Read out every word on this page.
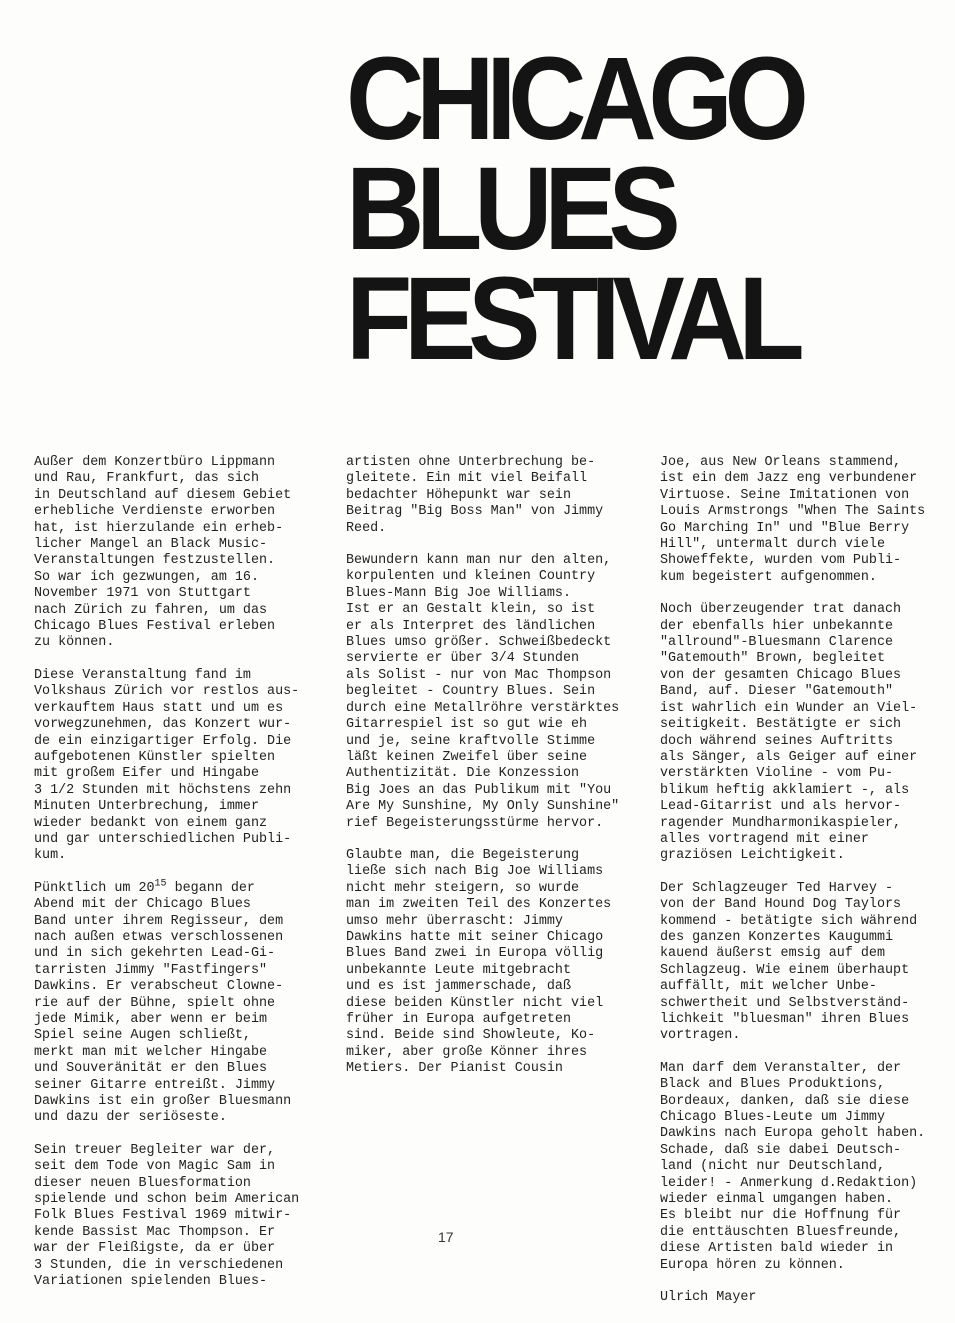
CHICAGO
BLUES
FESTIVAL

Außer dem Konzertbüro Lippmann
und Rau, Frankfurt, das sich
in Deutschland auf diesem Gebiet
erhebliche Verdienste erworben
hat, ist hierzulande ein erheb-
licher Mangel an Black Music-
Veranstaltungen festzustellen.
So war ich gezwungen, am 16.
November 1971 von Stuttgart
nach Zürich zu fahren, um das
Chicago Blues Festival erleben
zu können.

Diese Veranstaltung fand im
Volkshaus Zürich vor restlos aus-
verkauftem Haus statt und um es
vorwegzunehmen, das Konzert wur-
de ein einzigartiger Erfolg. Die
aufgebotenen Künstler spielten
mit großem Eifer und Hingabe
3 1/2 Stunden mit höchstens zehn
Minuten Unterbrechung, immer
wieder bedankt von einem ganz
und gar unterschiedlichen Publi-
kum.

Pünktlich um $20^{15}$ begann der
Abend mit der Chicago Blues
Band unter ihrem Regisseur, dem
nach außen etwas verschlossenen
und in sich gekehrten Lead-Gi-
tarristen Jimmy "Fastfingers"
Dawkins. Er verabscheut Clowne-
rie auf der Bühne, spielt ohne
jede Mimik, aber wenn er beim
Spiel seine Augen schließt,
merkt man mit welcher Hingabe
und Souveränität er den Blues
seiner Gitarre entreißt. Jimmy
Dawkins ist ein großer Bluesmann
und dazu der seriöseste.

Sein treuer Begleiter war der,
seit dem Tode von Magic Sam in
dieser neuen Bluesformation
spielende und schon beim American
Folk Blues Festival 1969 mitwir-
kende Bassist Mac Thompson. Er
war der Fleißigste, da er über
3 Stunden, die in verschiedenen
Variationen spielenden Blues-

artisten ohne Unterbrechung be-
gleitete. Ein mit viel Beifall
bedachter Höhepunkt war sein
Beitrag "Big Boss Man" von Jimmy
Reed.

Bewundern kann man nur den alten,
korpulenten und kleinen Country
Blues-Mann Big Joe Williams.
Ist er an Gestalt klein, so ist
er als Interpret des ländlichen
Blues umso größer. Schweißbedeckt
servierte er über 3/4 Stunden
als Solist - nur von Mac Thompson
begleitet - Country Blues. Sein
durch eine Metallröhre verstärktes
Gitarrespiel ist so gut wie eh
und je, seine kraftvolle Stimme
läßt keinen Zweifel über seine
Authentizität. Die Konzession
Big Joes an das Publikum mit "You
Are My Sunshine, My Only Sunshine"
rief Begeisterungsstürme hervor.

Glaubte man, die Begeisterung
ließe sich nach Big Joe Williams
nicht mehr steigern, so wurde
man im zweiten Teil des Konzertes
umso mehr überrascht: Jimmy
Dawkins hatte mit seiner Chicago
Blues Band zwei in Europa völlig
unbekannte Leute mitgebracht
und es ist jammerschade, daß
diese beiden Künstler nicht viel
früher in Europa aufgetreten
sind. Beide sind Showleute, Ko-
miker, aber große Könner ihres
Metiers. Der Pianist Cousin

Joe, aus New Orleans stammend,
ist ein dem Jazz eng verbundener
Virtuose. Seine Imitationen von
Louis Armstrongs "When The Saints
Go Marching In" und "Blue Berry
Hill", untermalt durch viele
Showeffekte, wurden vom Publi-
kum begeistert aufgenommen.

Noch überzeugender trat danach
der ebenfalls hier unbekannte
"allround"-Bluesmann Clarence
"Gatemouth" Brown, begleitet
von der gesamten Chicago Blues
Band, auf. Dieser "Gatemouth"
ist wahrlich ein Wunder an Viel-
seitigkeit. Bestätigte er sich
doch während seines Auftritts
als Sänger, als Geiger auf einer
verstärkten Violine - vom Pu-
blikum heftig akklamiert -, als
Lead-Gitarrist und als hervor-
ragender Mundharmonikaspieler,
alles vortragend mit einer
graziösen Leichtigkeit.

Der Schlagzeuger Ted Harvey -
von der Band Hound Dog Taylors
kommend - betätigte sich während
des ganzen Konzertes Kaugummi
kauend äußerst emsig auf dem
Schlagzeug. Wie einem überhaupt
auffällt, mit welcher Unbe-
schwertheit und Selbstverständ-
lichkeit "bluesman" ihren Blues
vortragen.

Man darf dem Veranstalter, der
Black and Blues Produktions,
Bordeaux, danken, daß sie diese
Chicago Blues-Leute um Jimmy
Dawkins nach Europa geholt haben.
Schade, daß sie dabei Deutsch-
land (nicht nur Deutschland,
leider! - Anmerkung d.Redaktion)
wieder einmal umgangen haben.
Es bleibt nur die Hoffnung für
die enttäuschten Bluesfreunde,
diese Artisten bald wieder in
Europa hören zu können.

Ulrich Mayer

17
